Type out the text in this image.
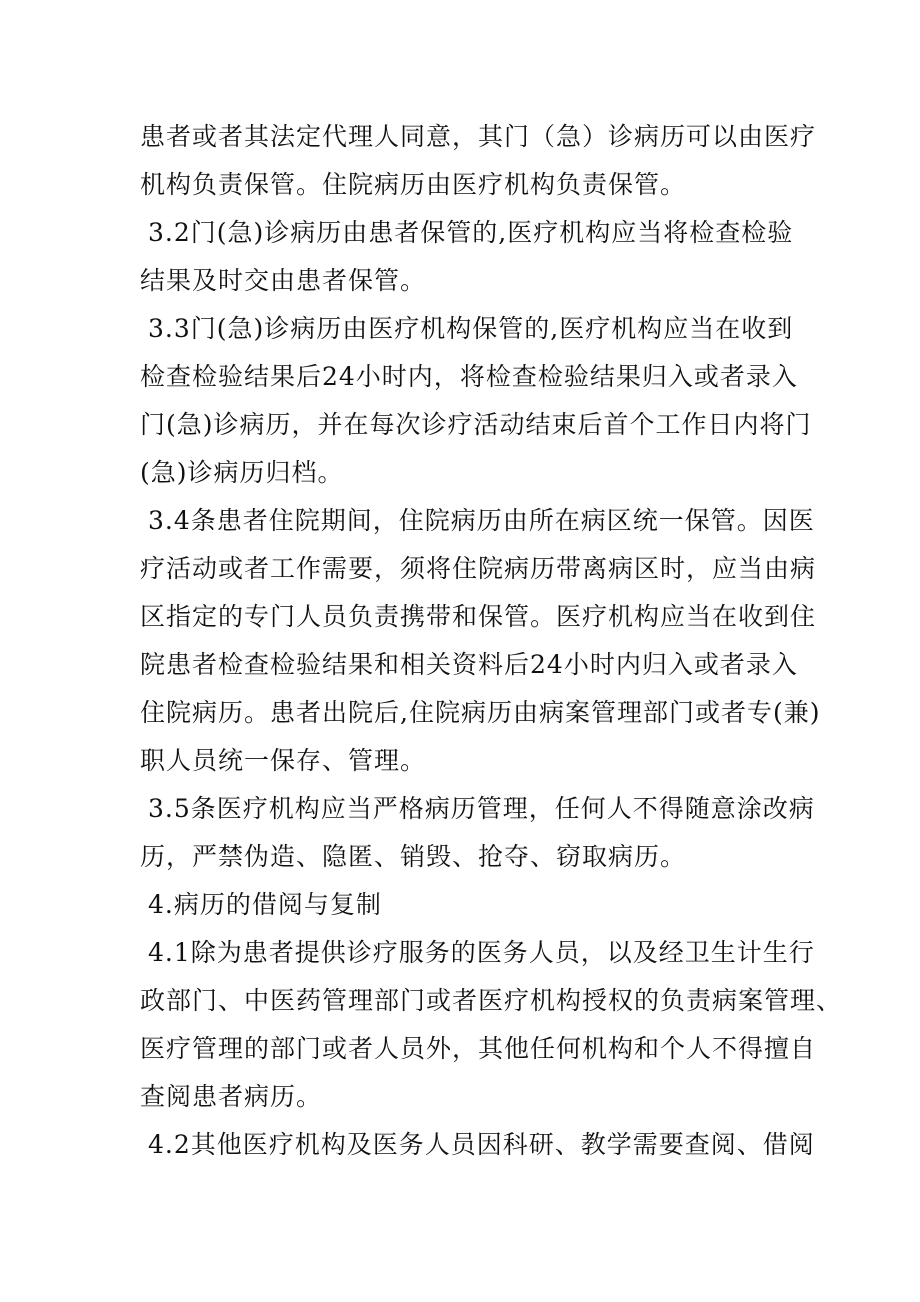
患者或者其法定代理人同意，其门（急）诊病历可以由医疗
机构负责保管。住院病历由医疗机构负责保管。
3.2门(急)诊病历由患者保管的,医疗机构应当将检查检验
结果及时交由患者保管。
3.3门(急)诊病历由医疗机构保管的,医疗机构应当在收到
检查检验结果后24小时内，将检查检验结果归入或者录入
门(急)诊病历，并在每次诊疗活动结束后首个工作日内将门
(急)诊病历归档。
3.4条患者住院期间，住院病历由所在病区统一保管。因医
疗活动或者工作需要，须将住院病历带离病区时，应当由病
区指定的专门人员负责携带和保管。医疗机构应当在收到住
院患者检查检验结果和相关资料后24小时内归入或者录入
住院病历。患者出院后,住院病历由病案管理部门或者专(兼)
职人员统一保存、管理。
3.5条医疗机构应当严格病历管理，任何人不得随意涂改病
历，严禁伪造、隐匿、销毁、抢夺、窃取病历。
4.病历的借阅与复制
4.1除为患者提供诊疗服务的医务人员，以及经卫生计生行
政部门、中医药管理部门或者医疗机构授权的负责病案管理、
医疗管理的部门或者人员外，其他任何机构和个人不得擅自
查阅患者病历。
4.2其他医疗机构及医务人员因科研、教学需要查阅、借阅
